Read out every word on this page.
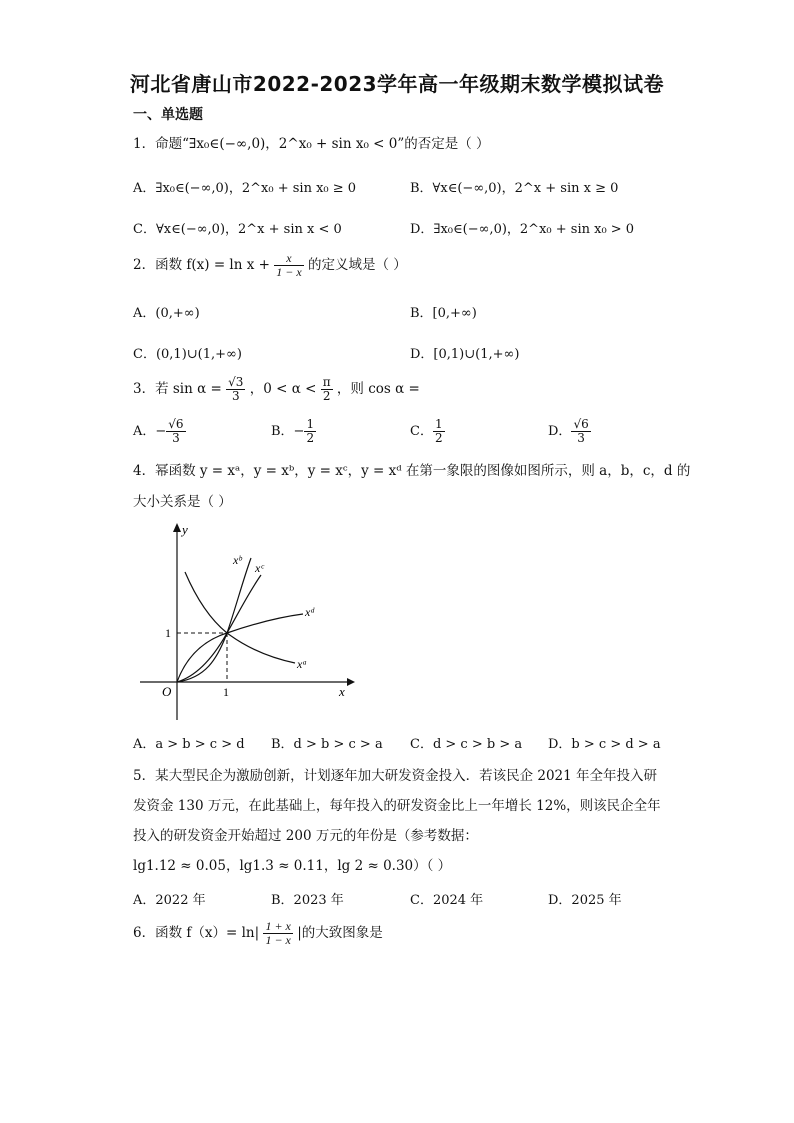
河北省唐山市2022-2023学年高一年级期末数学模拟试卷
一、单选题
1．命题“∃x₀∈(−∞,0)，2^x₀ + sin x₀ < 0”的否定是（ ）
A．∃x₀∈(−∞,0)，2^x₀ + sin x₀ ≥ 0	B．∀x∈(−∞,0)，2^x + sin x ≥ 0
C．∀x∈(−∞,0)，2^x + sin x < 0	D．∃x₀∈(−∞,0)，2^x₀ + sin x₀ > 0
2．函数 $f(x) = \ln x + \frac{x}{1 - x}$ 的定义域是（ ）
A．(0,+∞)	B．[0,+∞)
C．(0,1)∪(1,+∞)	D．[0,1)∪(1,+∞)
3．若 $\sin \alpha = \frac{√3}{3}$ ，$0 < \alpha < \frac{\pi}{2}$ ，则 cos α =
A．− $\frac{√6}{3}$	B．− $\frac{1}{2}$	C． $\frac{1}{2}$	D． $\frac{√6}{3}$
4．幂函数 y = xᵃ，y = xᵇ，y = xᶜ，y = xᵈ 在第一象限的图像如图所示，则 a，b，c，d 的
大小关系是（ ）
y
x
O	1
1
xᵇ
xᶜ
xᵈ
xᵃ
A．a > b > c > d B．d > b > c > a C．d > c > b > a D．b > c > d > a
5．某大型民企为激励创新，计划逐年加大研发资金投入．若该民企 2021 年全年投入研
发资金 130 万元，在此基础上，每年投入的研发资金比上一年增长 12%，则该民企全年
投入的研发资金开始超过 200 万元的年份是（参考数据：
lg1.12 ≈ 0.05，lg1.3 ≈ 0.11，lg 2 ≈ 0.30）（ ）
A．2022 年	B．2023 年	C．2024 年	D．2025 年
6．函数 $f(x)= \ln| \frac{1 + x}{1 - x}$ |的大致图象是
